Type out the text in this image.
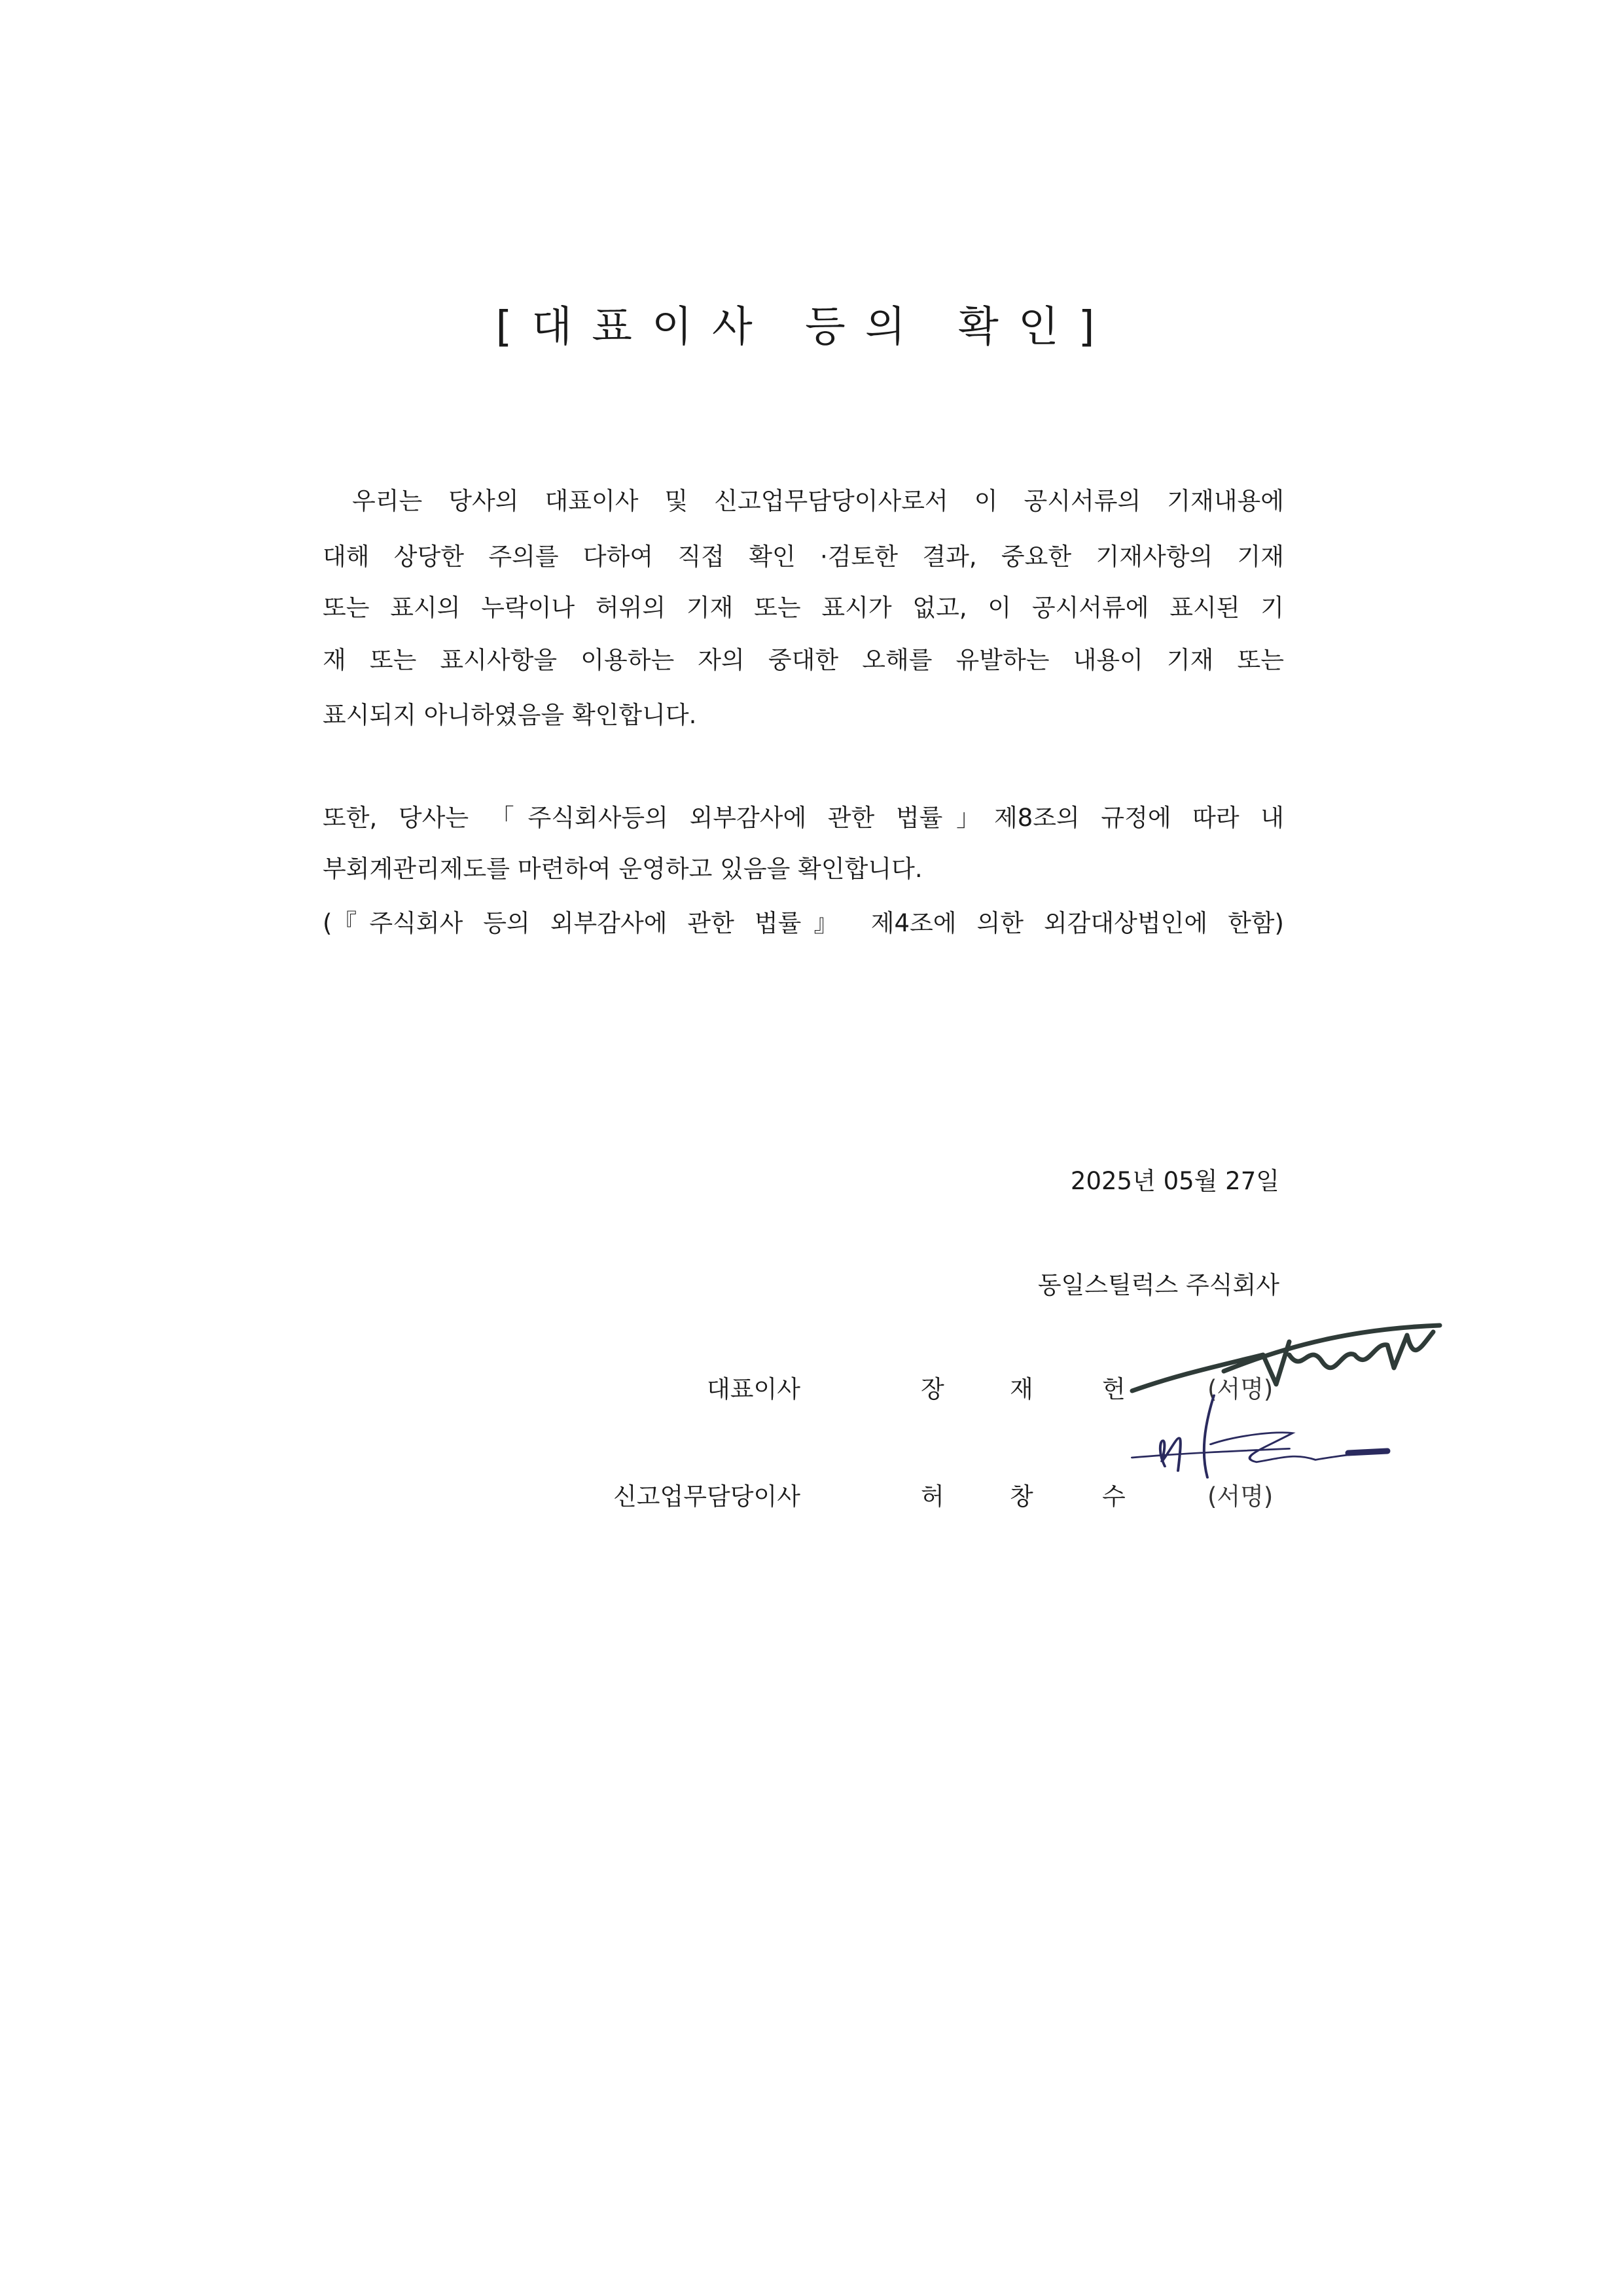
[대표이사 등의 확인]
우리는 당사의 대표이사 및 신고업무담당이사로서 이 공시서류의 기재내용에
대해 상당한 주의를 다하여 직접 확인 ·검토한 결과, 중요한 기재사항의 기재
또는 표시의 누락이나 허위의 기재 또는 표시가 없고, 이 공시서류에 표시된 기
재 또는 표시사항을 이용하는 자의 중대한 오해를 유발하는 내용이 기재 또는
표시되지 아니하였음을 확인합니다.
또한, 당사는 「주식회사등의 외부감사에 관한 법률」제8조의 규정에 따라 내
부회계관리제도를 마련하여 운영하고 있음을 확인합니다.
(『주식회사 등의 외부감사에 관한 법률』 제4조에 의한 외감대상법인에 한함)
2025년 05월 27일
동일스틸럭스 주식회사
대표이사	장	재	헌	(서명)
신고업무담당이사	허	창	수	(서명)
